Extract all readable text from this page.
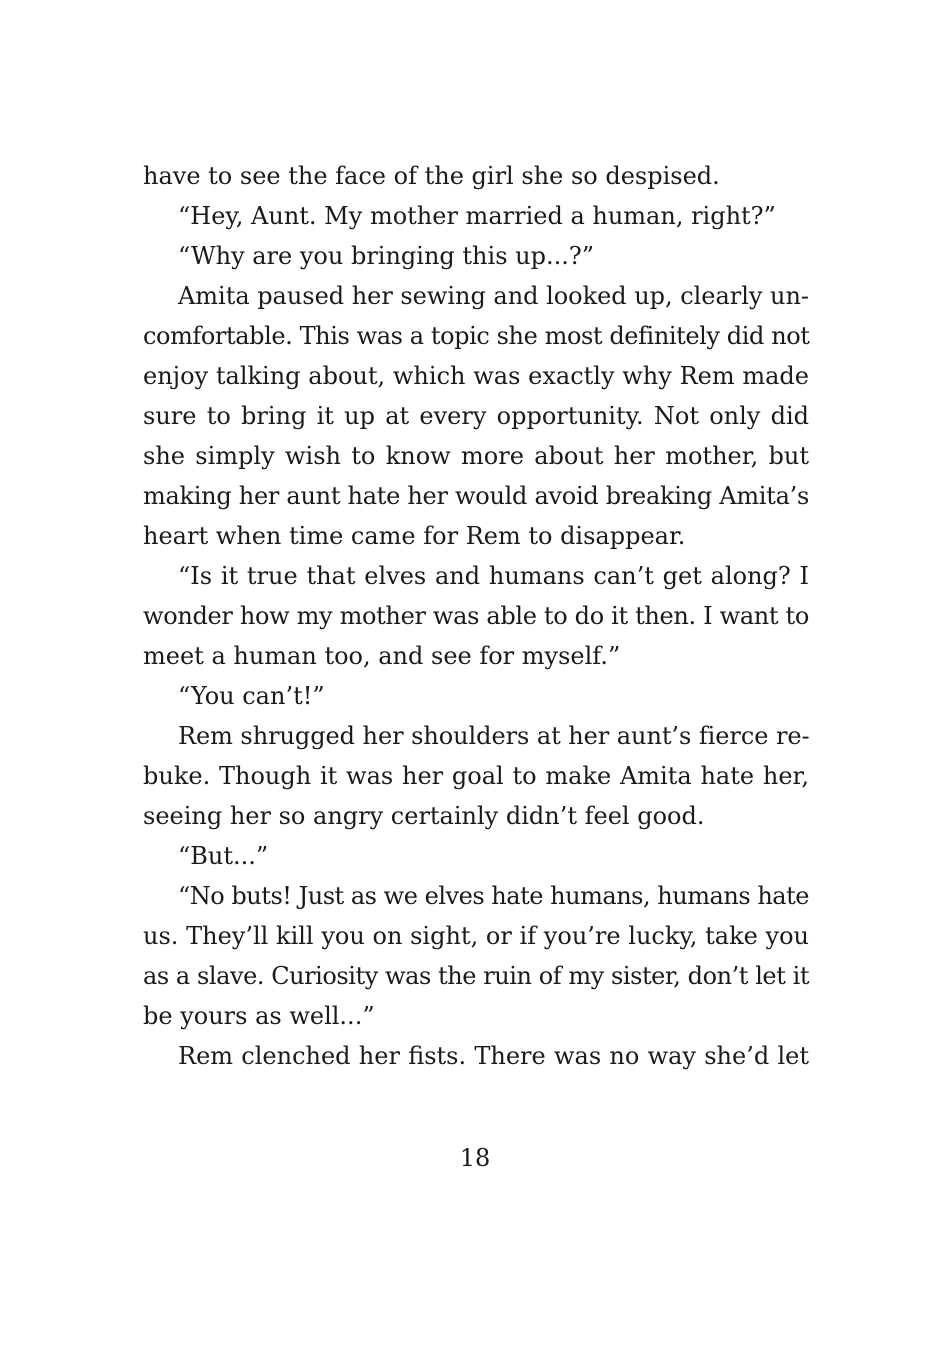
have to see the face of the girl she so despised.
“Hey, Aunt. My mother married a human, right?”
“Why are you bringing this up...?”
Amita paused her sewing and looked up, clearly un-
comfortable. This was a topic she most definitely did not
enjoy talking about, which was exactly why Rem made
sure to bring it up at every opportunity. Not only did
she simply wish to know more about her mother, but
making her aunt hate her would avoid breaking Amita’s
heart when time came for Rem to disappear.
“Is it true that elves and humans can’t get along? I
wonder how my mother was able to do it then. I want to
meet a human too, and see for myself.”
“You can’t!”
Rem shrugged her shoulders at her aunt’s fierce re-
buke. Though it was her goal to make Amita hate her,
seeing her so angry certainly didn’t feel good.
“But...”
“No buts! Just as we elves hate humans, humans hate
us. They’ll kill you on sight, or if you’re lucky, take you
as a slave. Curiosity was the ruin of my sister, don’t let it
be yours as well...”
Rem clenched her fists. There was no way she’d let
18
